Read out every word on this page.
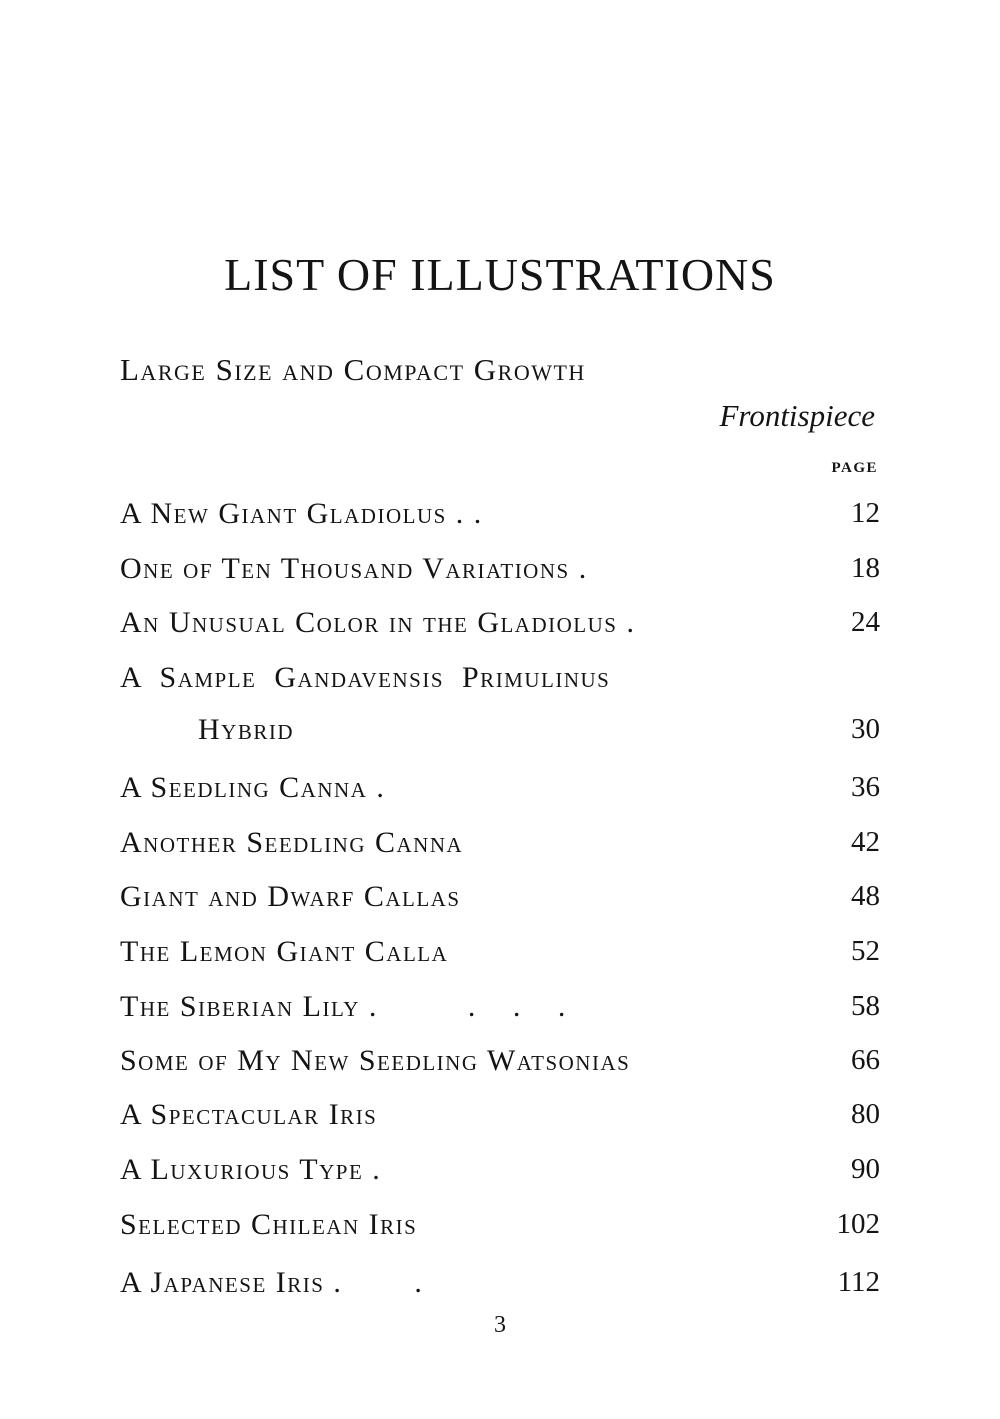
LIST OF ILLUSTRATIONS
Large Size and Compact Growth
Frontispiece
PAGE
A New Giant Gladiolus . .	12
One of Ten Thousand Variations .	18
An Unusual Color in the Gladiolus .	24
A  Sample  Gandavensis  Primulinus
Hybrid	30
A Seedling Canna .	36
Another Seedling Canna	42
Giant and Dwarf Callas	48
The Lemon Giant Calla	52
The Siberian Lily .          .    .    .	58
Some of My New Seedling Watsonias	66
A Spectacular Iris	80
A Luxurious Type .	90
Selected Chilean Iris	102
A Japanese Iris .        .	112
3
